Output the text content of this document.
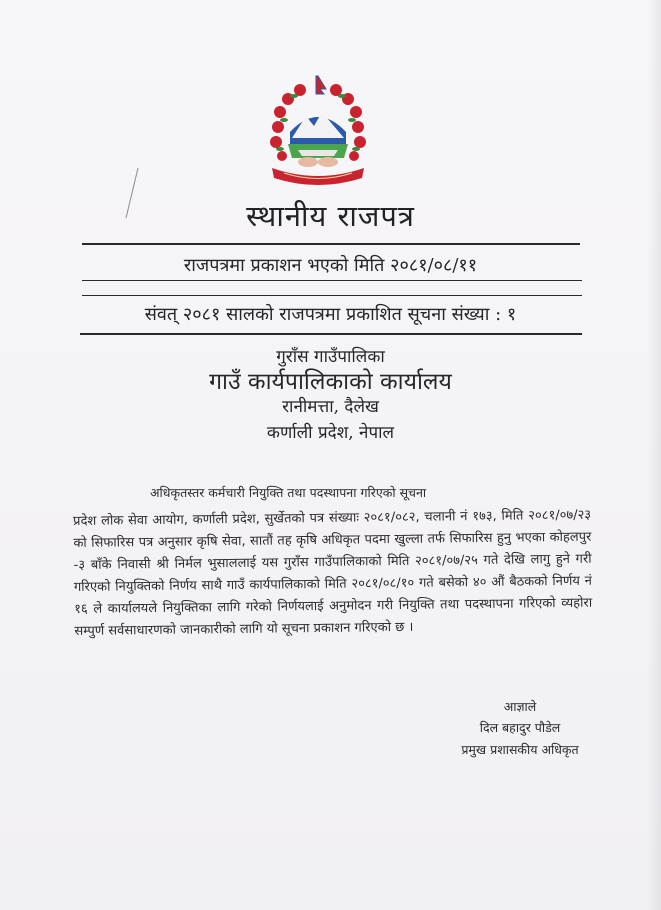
स्थानीय राजपत्र
राजपत्रमा प्रकाशन भएको मिति २०८१/०८/११
संवत् २०८१ सालको राजपत्रमा प्रकाशित सूचना संख्या : १
गुराँस गाउँपालिका
गाउँ कार्यपालिकाको कार्यालय
रानीमत्ता, दैलेख
कर्णाली प्रदेश, नेपाल
अधिकृतस्तर कर्मचारी नियुक्ति तथा पदस्थापना गरिएको सूचना
प्रदेश लोक सेवा आयोग, कर्णाली प्रदेश, सुर्खेतको पत्र संख्याः २०८१/०८२, चलानी नं १७३, मिति २०८१/०७/२३ को सिफारिस पत्र अनुसार कृषि सेवा, सातौं तह कृषि अधिकृत पदमा खुल्ला तर्फ सिफारिस हुनु भएका कोहलपुर -३ बाँके निवासी श्री निर्मल भुसाललाई यस गुराँस गाउँपालिकाको मिति २०८१/०७/२५ गते देखि लागु हुने गरी गरिएको नियुक्तिको निर्णय साथै गाउँ कार्यपालिकाको मिति २०८१/०८/१० गते बसेको ४० औं बैठकको निर्णय नं १६ ले कार्यालयले नियुक्तिका लागि गरेको निर्णयलाई अनुमोदन गरी नियुक्ति तथा पदस्थापना गरिएको व्यहोरा सम्पुर्ण सर्वसाधारणको जानकारीको लागि यो सूचना प्रकाशन गरिएको छ ।
आज्ञाले
दिल बहादुर पौडेल
प्रमुख प्रशासकीय अधिकृत
